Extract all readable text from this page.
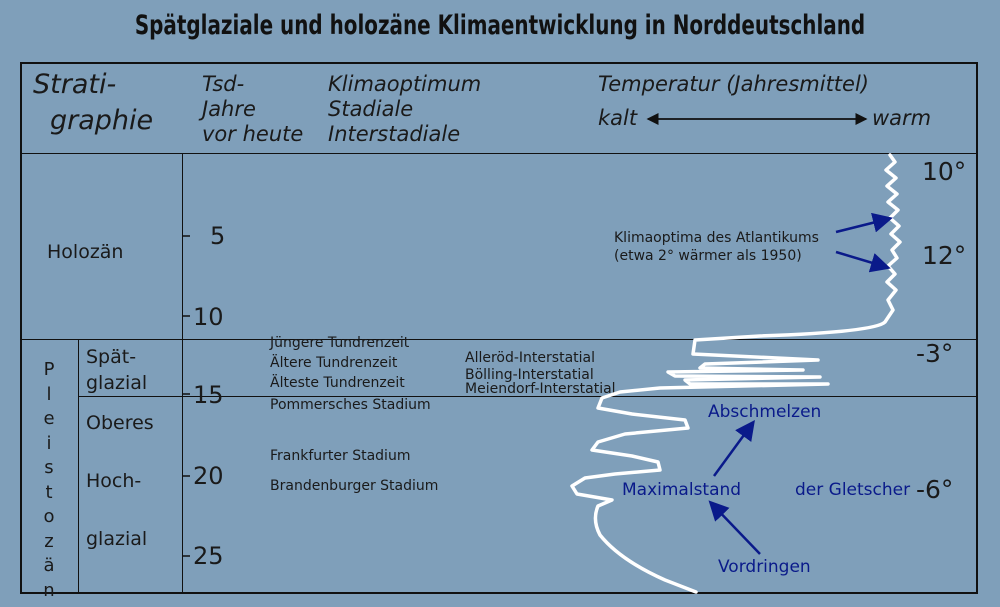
Spätglaziale und holozäne Klimaentwicklung in Norddeutschland
Strati-
graphie
Tsd-
Jahre
vor heute
Klimaoptimum
Stadiale
Interstadiale
Temperatur (Jahresmittel)
kalt	warm
Holozän
Spät-
glazial
Oberes
Hoch-
glazial
P
l
e
i
s
t
o
z
ä
n
5
10
15
20
25
Jüngere Tundrenzeit
Ältere Tundrenzeit
Älteste Tundrenzeit
Pommersches Stadium
Frankfurter Stadium
Brandenburger Stadium
Alleröd-Interstatial
Bölling-Interstatial
Meiendorf-Interstatial
Klimaoptima des Atlantikums
(etwa 2° wärmer als 1950)
Abschmelzen
Maximalstand	der Gletscher
Vordringen
10°
12°
-3°
-6°
